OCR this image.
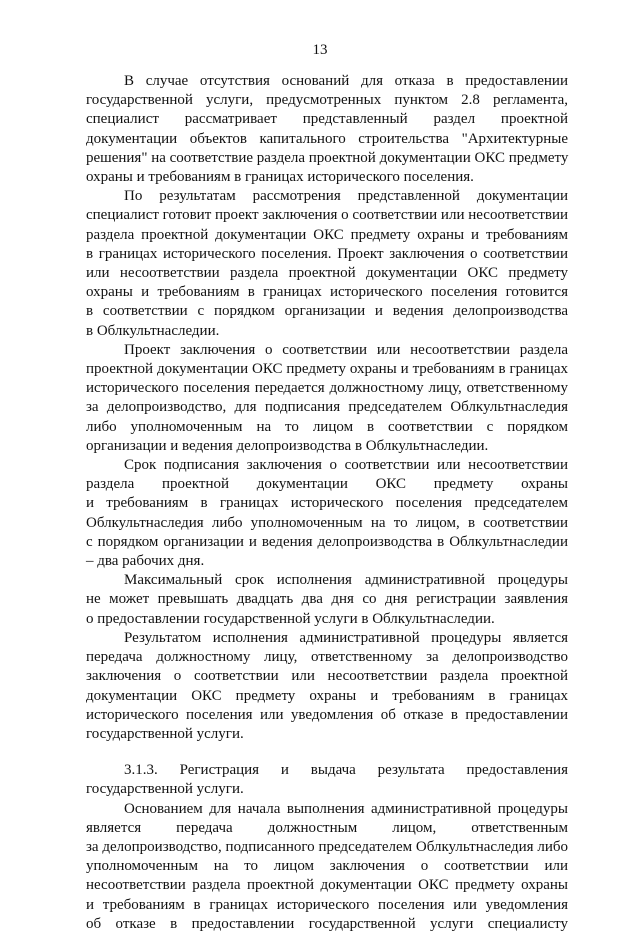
13

В случае отсутствия оснований для отказа в предоставлении
государственной услуги, предусмотренных пунктом 2.8 регламента,
специалист рассматривает представленный раздел проектной
документации объектов капитального строительства "Архитектурные
решения" на соответствие раздела проектной документации ОКС предмету
охраны и требованиям в границах исторического поселения.

По результатам рассмотрения представленной документации
специалист готовит проект заключения о соответствии или несоответствии
раздела проектной документации ОКС предмету охраны и требованиям
в границах исторического поселения. Проект заключения о соответствии
или несоответствии раздела проектной документации ОКС предмету
охраны и требованиям в границах исторического поселения готовится
в соответствии с порядком организации и ведения делопроизводства
в Облкультнаследии.

Проект заключения о соответствии или несоответствии раздела
проектной документации ОКС предмету охраны и требованиям в границах
исторического поселения передается должностному лицу, ответственному
за делопроизводство, для подписания председателем Облкультнаследия
либо уполномоченным на то лицом в соответствии с порядком
организации и ведения делопроизводства в Облкультнаследии.

Срок подписания заключения о соответствии или несоответствии
раздела проектной документации ОКС предмету охраны
и требованиям в границах исторического поселения председателем
Облкультнаследия либо уполномоченным на то лицом, в соответствии
с порядком организации и ведения делопроизводства в Облкультнаследии
– два рабочих дня.

Максимальный срок исполнения административной процедуры
не может превышать двадцать два дня со дня регистрации заявления
о предоставлении государственной услуги в Облкультнаследии.

Результатом исполнения административной процедуры является
передача должностному лицу, ответственному за делопроизводство
заключения о соответствии или несоответствии раздела проектной
документации ОКС предмету охраны и требованиям в границах
исторического поселения или уведомления об отказе в предоставлении
государственной услуги.

3.1.3. Регистрация и выдача результата предоставления
государственной услуги.

Основанием для начала выполнения административной процедуры
является передача должностным лицом, ответственным
за делопроизводство, подписанного председателем Облкультнаследия либо
уполномоченным на то лицом заключения о соответствии или
несоответствии раздела проектной документации ОКС предмету охраны
и требованиям в границах исторического поселения или уведомления
об отказе в предоставлении государственной услуги специалисту
